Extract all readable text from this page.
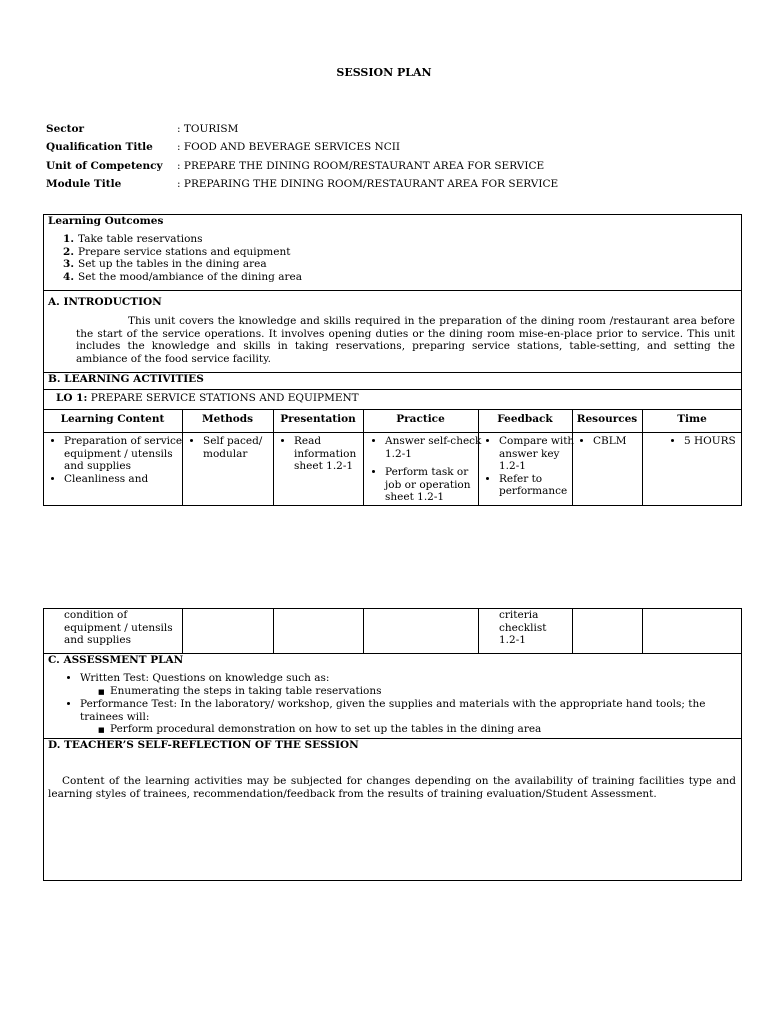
SESSION PLAN
Sector	: TOURISM
Qualification Title : FOOD AND BEVERAGE SERVICES NCII
Unit of Competency : PREPARE THE DINING ROOM/RESTAURANT AREA FOR SERVICE
Module Title	: PREPARING THE DINING ROOM/RESTAURANT AREA FOR SERVICE
Learning Outcomes
1. Take table reservations
2. Prepare service stations and equipment
3. Set up the tables in the dining area
4. Set the mood/ambiance of the dining area
A. INTRODUCTION
This unit covers the knowledge and skills required in the preparation of the dining room /restaurant area before the start of the service operations. It involves opening duties or the dining room mise-en-place prior to service. This unit includes the knowledge and skills in taking reservations, preparing service stations, table-setting, and setting the ambiance of the food service facility.
B. LEARNING ACTIVITIES
LO 1: PREPARE SERVICE STATIONS AND EQUIPMENT
Learning Content	Methods	Presentation	Practice	Feedback	Resources	Time
• Preparation of service equipment / utensils and supplies
• Cleanliness and
• Self paced/ modular
• Read information sheet 1.2-1
• Answer self-check 1.2-1
• Perform task or job or operation sheet 1.2-1
• Compare with answer key 1.2-1
• Refer to performance
• CBLM
•	5 HOURS
condition of equipment / utensils and supplies
criteria checklist 1.2-1
C. ASSESSMENT PLAN
• Written Test: Questions on knowledge such as:
■ Enumerating the steps in taking table reservations
• Performance Test: In the laboratory/ workshop, given the supplies and materials with the appropriate hand tools; the trainees will:
■ Perform procedural demonstration on how to set up the tables in the dining area
D. TEACHER’S SELF-REFLECTION OF THE SESSION
Content of the learning activities may be subjected for changes depending on the availability of training facilities type and learning styles of trainees, recommendation/feedback from the results of training evaluation/Student Assessment.
